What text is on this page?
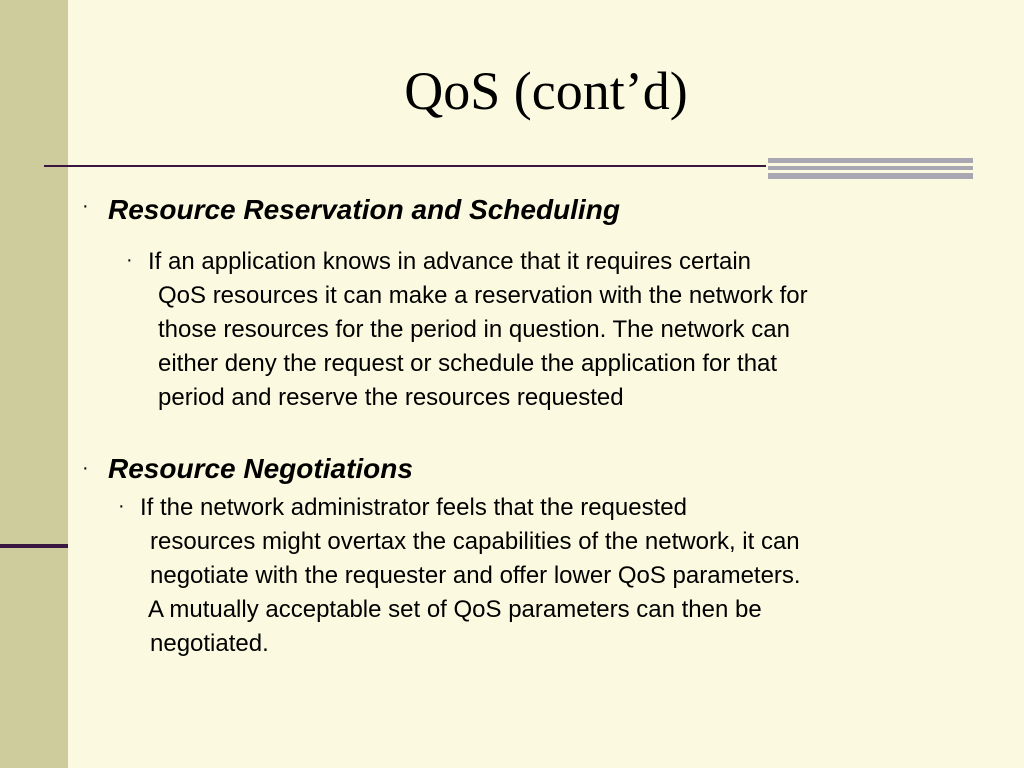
QoS (cont’d)
· Resource Reservation and Scheduling
· If an application knows in advance that it requires certain
QoS resources it can make a reservation with the network for
those resources for the period in question. The network can
either deny the request or schedule the application for that
period and reserve the resources requested
· Resource Negotiations
· If the network administrator feels that the requested
resources might overtax the capabilities of the network, it can
negotiate with the requester and offer lower QoS parameters.
A mutually acceptable set of QoS parameters can then be
negotiated.
